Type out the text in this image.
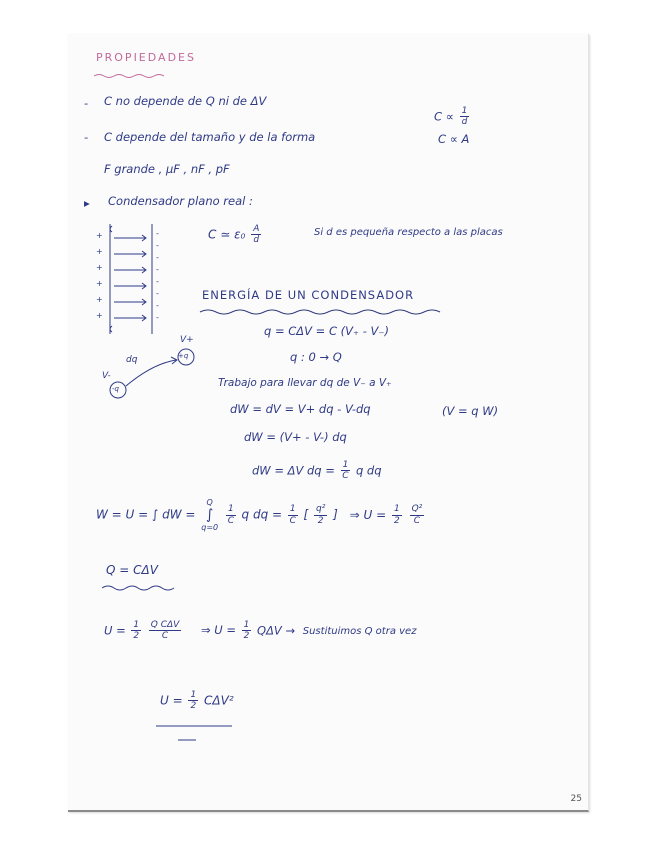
PROPIEDADES
- C no depende de Q ni de ΔV
$C \propto \frac{1}{d}$
- C depende del tamaño y de la forma	C ∝ A
F grande , μF , nF , pF
▸ Condensador plano real :
C ≃ $\varepsilon_0 \frac{A}{d}$	Si d es pequeña respecto a las placas
+
+
+
+
+
+
-
-
-
-
-
-
-
-
ENERGÍA DE UN CONDENSADOR
q = CΔV = C (V₊ - V₋)
q : 0 → Q
V+
+q
dq
V-
-q	Trabajo para llevar dq de V₋ a V₊
dW = dV = V+ dq - V-dq	(V = q W)
dW = (V+ - V-) dq
dW = ΔV dq = $\frac{1}{C}$ q dq
W = U = ∫ dW =
Q
∫
q=0

$\frac{1}{C}$ q dq = $\frac{1}{C}$ [ $\frac{\text{q²}}{2}$ ] ⇒ $U = \frac{1}{2}$
$\frac{\text{Q²}}{C}$
Q = CΔV
$U = \frac{1}{2}$
$\frac{\text{Q CΔV}}{C}$ ⇒ $U = \frac{1}{2}$ QΔV → Sustituimos Q otra vez
$U = \frac{1}{2} C\Delta V^2$
25
